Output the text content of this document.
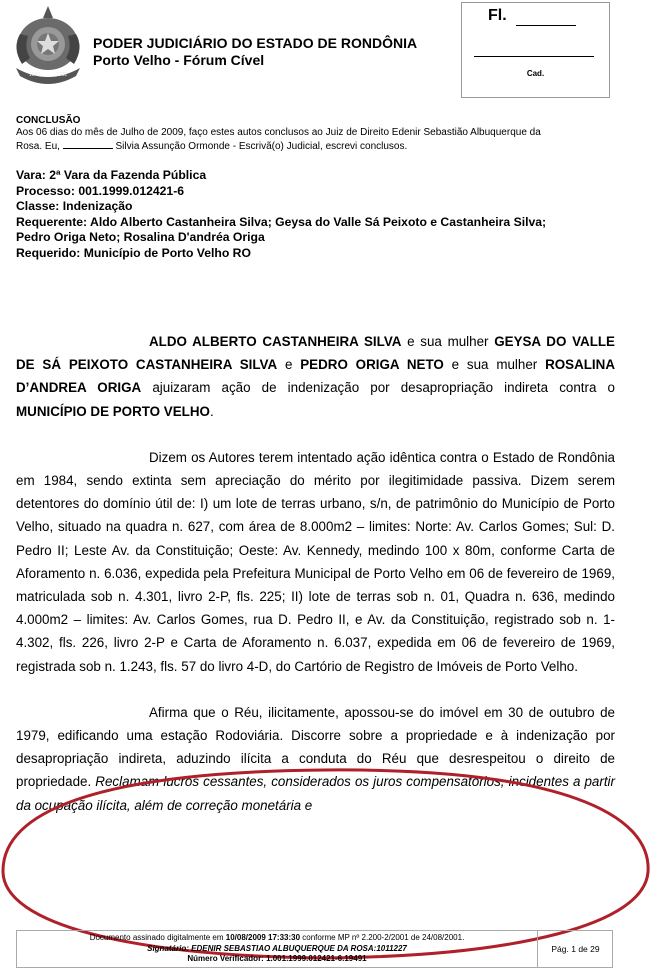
1943	1982
PODER JUDICIÁRIO DO ESTADO DE RONDÔNIA
Porto Velho - Fórum Cível
Fl.
Cad.
CONCLUSÃO
Aos 06 dias do mês de Julho de 2009, faço estes autos conclusos ao Juiz de Direito Edenir Sebastião Albuquerque da
Rosa. Eu,	Silvia Assunção Ormonde - Escrivã(o) Judicial, escrevi conclusos.
Vara: 2ª Vara da Fazenda Pública
Processo: 001.1999.012421-6
Classe: Indenização
Requerente: Aldo Alberto Castanheira Silva; Geysa do Valle Sá Peixoto e Castanheira Silva;
Pedro Origa Neto; Rosalina D'andréa Origa
Requerido: Município de Porto Velho RO

ALDO ALBERTO CASTANHEIRA SILVA e sua mulher GEYSA DO VALLE DE SÁ PEIXOTO CASTANHEIRA SILVA e PEDRO ORIGA NETO e sua mulher ROSALINA D’ANDREA ORIGA ajuizaram ação de indenização por desapropriação indireta contra o MUNICÍPIO DE PORTO VELHO.

Dizem os Autores terem intentado ação idêntica contra o Estado de Rondônia em 1984, sendo extinta sem apreciação do mérito por ilegitimidade passiva. Dizem serem detentores do domínio útil de: I) um lote de terras urbano, s/n, de patrimônio do Município de Porto Velho, situado na quadra n. 627, com área de 8.000m2 – limites: Norte: Av. Carlos Gomes; Sul: D. Pedro II; Leste Av. da Constituição; Oeste: Av. Kennedy, medindo 100 x 80m, conforme Carta de Aforamento n. 6.036, expedida pela Prefeitura Municipal de Porto Velho em 06 de fevereiro de 1969, matriculada sob n. 4.301, livro 2-P, fls. 225; II) lote de terras sob n. 01, Quadra n. 636, medindo 4.000m2 – limites: Av. Carlos Gomes, rua D. Pedro II, e Av. da Constituição, registrado sob n. 1-4.302, fls. 226, livro 2-P e Carta de Aforamento n. 6.037, expedida em 06 de fevereiro de 1969, registrada sob n. 1.243, fls. 57 do livro 4-D, do Cartório de Registro de Imóveis de Porto Velho.

Afirma que o Réu, ilicitamente, apossou-se do imóvel em 30 de outubro de 1979, edificando uma estação Rodoviária. Discorre sobre a propriedade e à indenização por desapropriação indireta, aduzindo ilícita a conduta do Réu que desrespeitou o direito de propriedade. Reclamam lucros cessantes, considerados os juros compensatórios, incidentes a partir da ocupação ilícita, além de correção monetária e

Documento assinado digitalmente em 10/08/2009 17:33:30 conforme MP nº 2.200-2/2001 de 24/08/2001.
Signatário: EDENIR SEBASTIAO ALBUQUERQUE DA ROSA:1011227
Número Verificador: 1.001.1999.012421-6.19491
Pág. 1 de 29
